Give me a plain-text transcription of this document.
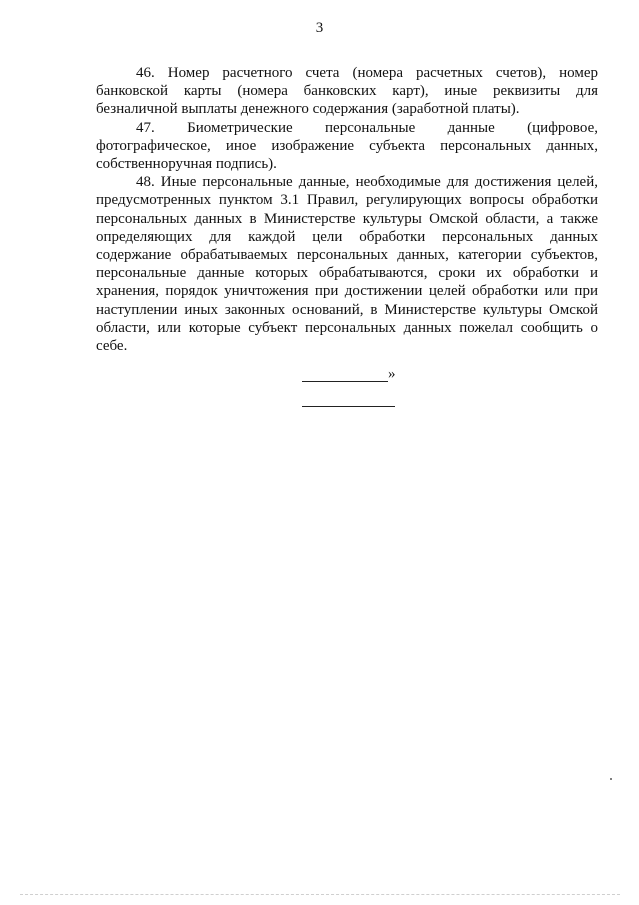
3

46. Номер расчетного счета (номера расчетных счетов), номер банковской карты (номера банковских карт), иные реквизиты для безналичной выплаты денежного содержания (заработной платы).

47. Биометрические персональные данные (цифровое, фотографическое, иное изображение субъекта персональных данных, собственноручная подпись).

48. Иные персональные данные, необходимые для достижения целей, предусмотренных пунктом 3.1 Правил, регулирующих вопросы обработки персональных данных в Министерстве культуры Омской области, а также определяющих для каждой цели обработки персональных данных содержание обрабатываемых персональных данных, категории субъектов, персональные данные которых обрабатываются, сроки их обработки и хранения, порядок уничтожения при достижении целей обработки или при наступлении иных законных оснований, в Министерстве культуры Омской области, или которые субъект персональных данных пожелал сообщить о себе.

»
